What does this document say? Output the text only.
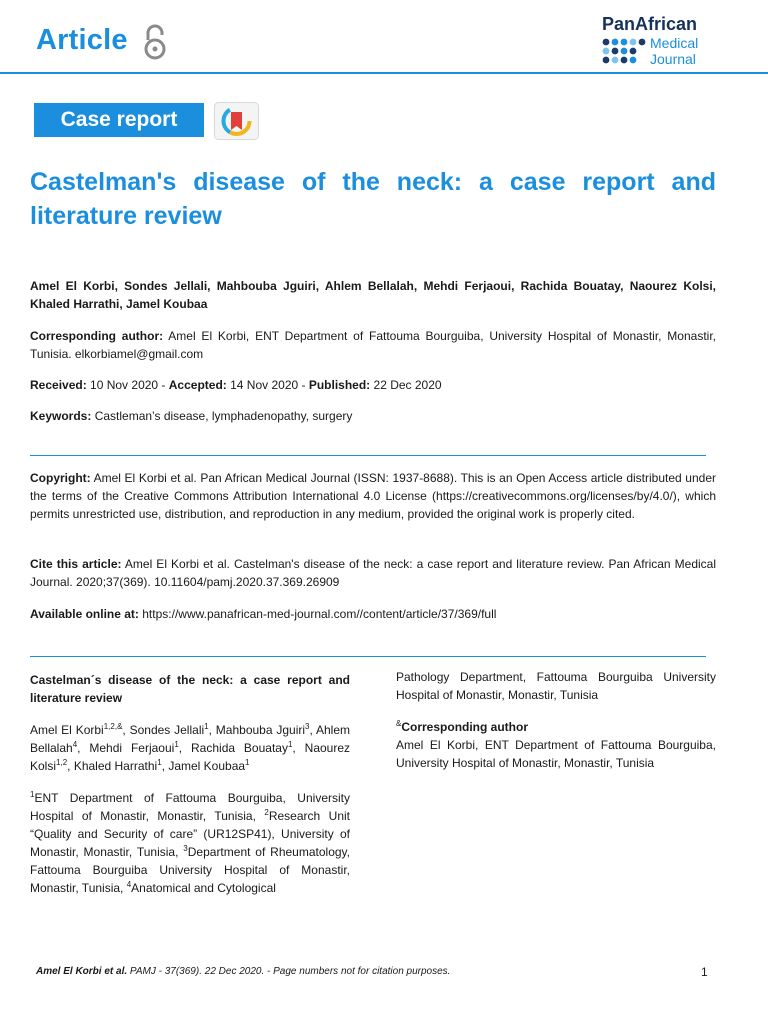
Article	PanAfrican
Medical
Journal
Case report
Castelman's disease of the neck: a case report and literature review
Amel El Korbi, Sondes Jellali, Mahbouba Jguiri, Ahlem Bellalah, Mehdi Ferjaoui, Rachida Bouatay, Naourez Kolsi, Khaled Harrathi, Jamel Koubaa
Corresponding author: Amel El Korbi, ENT Department of Fattouma Bourguiba, University Hospital of Monastir, Monastir, Tunisia. elkorbiamel@gmail.com
Received: 10 Nov 2020 - Accepted: 14 Nov 2020 - Published: 22 Dec 2020
Keywords: Castleman’s disease, lymphadenopathy, surgery
Copyright: Amel El Korbi et al. Pan African Medical Journal (ISSN: 1937-8688). This is an Open Access article distributed under the terms of the Creative Commons Attribution International 4.0 License (https://creativecommons.org/licenses/by/4.0/), which permits unrestricted use, distribution, and reproduction in any medium, provided the original work is properly cited.
Cite this article: Amel El Korbi et al. Castelman's disease of the neck: a case report and literature review. Pan African Medical Journal. 2020;37(369). 10.11604/pamj.2020.37.369.26909
Available online at: https://www.panafrican-med-journal.com//content/article/37/369/full
Castelman´s disease of the neck: a case report and literature review
Amel El Korbi$^{1,2,\&}$, Sondes Jellali$^1$, Mahbouba Jguiri$^3$, Ahlem Bellalah$^4$, Mehdi Ferjaoui$^1$, Rachida Bouatay$^1$, Naourez Kolsi$^{1,2}$, Khaled Harrathi$^1$, Jamel Koubaa$^1$
$^1$ENT Department of Fattouma Bourguiba, University Hospital of Monastir, Monastir, Tunisia, $^2$Research Unit “Quality and Security of care” (UR12SP41), University of Monastir, Monastir, Tunisia, $^3$Department of Rheumatology, Fattouma Bourguiba University Hospital of Monastir, Monastir, Tunisia, $^4$Anatomical and Cytological
Pathology Department, Fattouma Bourguiba University Hospital of Monastir, Monastir, Tunisia
&Corresponding author
Amel El Korbi, ENT Department of Fattouma Bourguiba, University Hospital of Monastir, Monastir, Tunisia
Amel El Korbi et al. PAMJ - 37(369). 22 Dec 2020. - Page numbers not for citation purposes.	1
